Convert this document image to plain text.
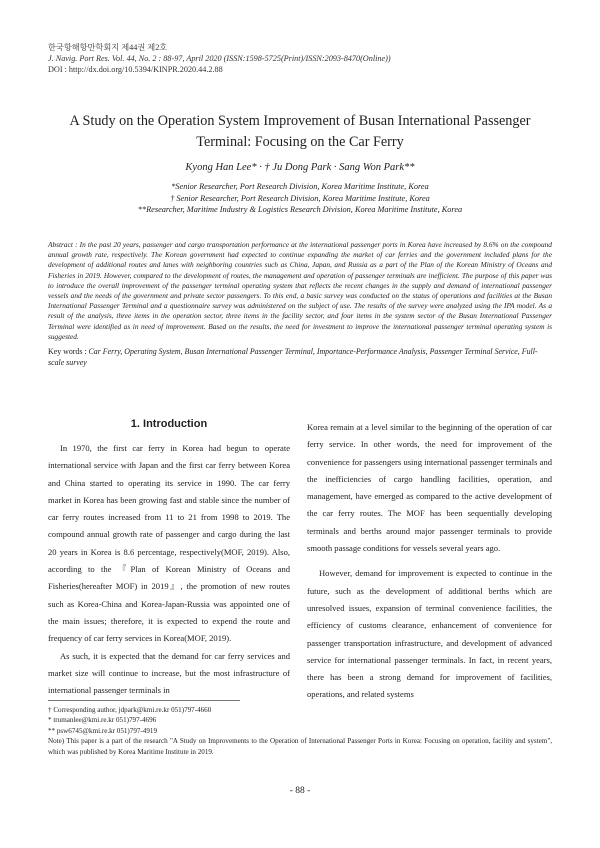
한국항해항만학회지 제44권 제2호
J. Navig. Port Res. Vol. 44, No. 2 : 88-97, April 2020 (ISSN:1598-5725(Print)/ISSN:2093-8470(Online))
DOI : http://dx.doi.org/10.5394/KINPR.2020.44.2.88
A Study on the Operation System Improvement of Busan International Passenger
Terminal: Focusing on the Car Ferry
Kyong Han Lee* · † Ju Dong Park · Sang Won Park**
*Senior Researcher, Port Research Division, Korea Maritime Institute, Korea
† Senior Researcher, Port Research Division, Korea Maritime Institute, Korea
**Researcher, Maritime Industry & Logistics Research Division, Korea Maritime Institute, Korea
Abstract : In the past 20 years, passenger and cargo transportation performance at the international passenger ports in Korea have increased by 8.6% on the compound annual growth rate, respectively. The Korean government had expected to continue expanding the market of car ferries and the government included plans for the development of additional routes and lanes with neighboring countries such as China, Japan, and Russia as a part of the Plan of the Korean Ministry of Oceans and Fisheries in 2019. However, compared to the development of routes, the management and operation of passenger terminals are inefficient. The purpose of this paper was to introduce the overall improvement of the passenger terminal operating system that reflects the recent changes in the supply and demand of international passenger vessels and the needs of the government and private sector passengers. To this end, a basic survey was conducted on the status of operations and facilities at the Busan International Passenger Terminal and a questionnaire survey was administered on the subject of use. The results of the survey were analyzed using the IPA model. As a result of the analysis, three items in the operation sector, three items in the facility sector, and four items in the system sector of the Busan International Passenger Terminal were identified as in need of improvement. Based on the results, the need for investment to improve the international passenger terminal operating system is suggested.
Key words : Car Ferry, Operating System, Busan International Passenger Terminal, Importance-Performance Analysis, Passenger Terminal Service, Full-scale survey
1. Introduction

In 1970, the first car ferry in Korea had begun to operate international service with Japan and the first car ferry between Korea and China started to operating its service in 1990. The car ferry market in Korea has been growing fast and stable since the number of car ferry routes increased from 11 to 21 from 1998 to 2019. The compound annual growth rate of passenger and cargo during the last 20 years in Korea is 8.6 percentage, respectively(MOF, 2019). Also, according to the 『Plan of Korean Ministry of Oceans and Fisheries(hereafter MOF) in 2019』, the promotion of new routes such as Korea-China and Korea-Japan-Russia was appointed one of the main issues; therefore, it is expected to expend the route and frequency of car ferry services in Korea(MOF, 2019).

As such, it is expected that the demand for car ferry services and market size will continue to increase, but the most infrastructure of international passenger terminals in

Korea remain at a level similar to the beginning of the operation of car ferry service. In other words, the need for improvement of the convenience for passengers using international passenger terminals and the inefficiencies of cargo handling facilities, operation, and management, have emerged as compared to the active development of the car ferry routes. The MOF has been sequentially developing terminals and berths around major passenger terminals to provide smooth passage conditions for vessels several years ago.

However, demand for improvement is expected to continue in the future, such as the development of additional berths which are unresolved issues, expansion of terminal convenience facilities, the efficiency of customs clearance, enhancement of convenience for passenger transportation infrastructure, and development of advanced service for international passenger terminals. In fact, in recent years, there has been a strong demand for improvement of facilities, operations, and related systems

† Corresponding author, jdpark@kmi.re.kr 051)797-4660
* trumanlee@kmi.re.kr 051)797-4696
** psw6745@kmi.re.kr 051)797-4919
Note) This paper is a part of the research "A Study on Improvements to the Operation of International Passenger Ports in Korea: Focusing on operation, facility and system", which was published by Korea Maritime Institute in 2019.
- 88 -
